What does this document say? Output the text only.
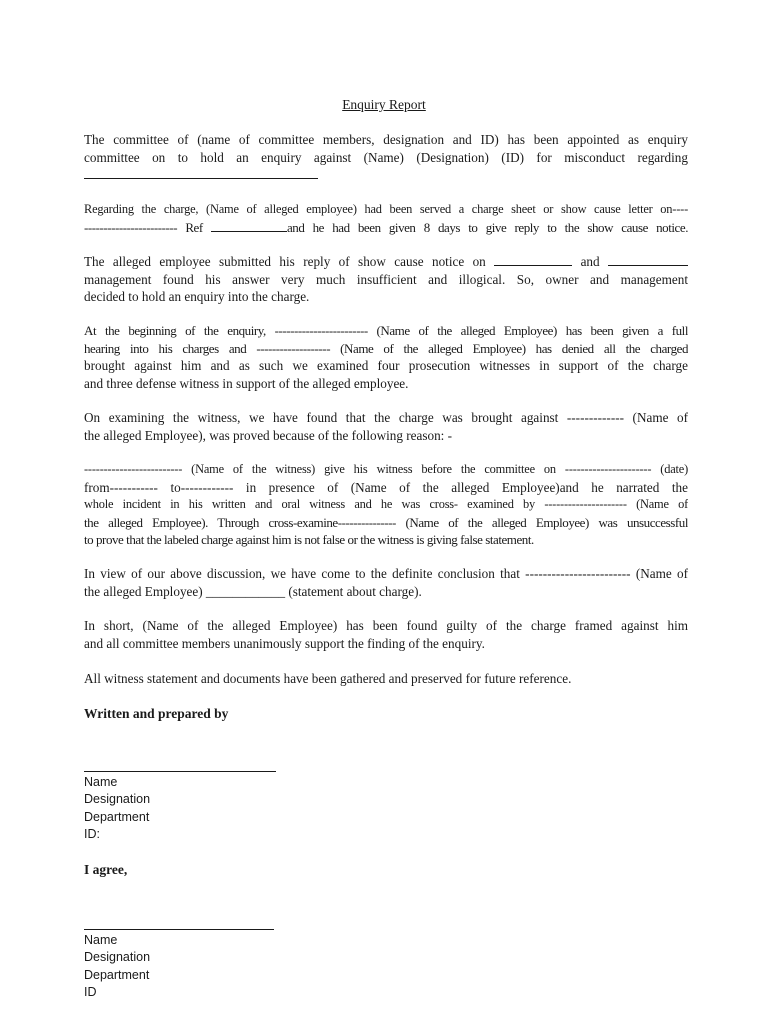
Enquiry Report

The committee of (name of committee members, designation and ID) has been appointed as enquiry
committee on to hold an enquiry against (Name) (Designation) (ID) for misconduct regarding

Regarding the charge, (Name of alleged employee) had been served a charge sheet or show cause letter on----
------------------------ Ref	and he had been given 8 days to give reply to the show cause notice.

The alleged employee submitted his reply of show cause notice on	and
management found his answer very much insufficient and illogical. So, owner and management
decided to hold an enquiry into the charge.

At the beginning of the enquiry, ------------------------ (Name of the alleged Employee) has been given a full
hearing into his charges and ------------------- (Name of the alleged Employee) has denied all the charged
brought against him and as such we examined four prosecution witnesses in support of the charge
and three defense witness in support of the alleged employee.

On examining the witness, we have found that the charge was brought against ------------- (Name of
the alleged Employee), was proved because of the following reason: -

------------------------- (Name of the witness) give his witness before the committee on ---------------------- (date)
from----------- to------------ in presence of (Name of the alleged Employee)and he narrated the
whole incident in his written and oral witness and he was cross- examined by --------------------- (Name of
the alleged Employee). Through cross-examine--------------- (Name of the alleged Employee) was unsuccessful
to prove that the labeled charge against him is not false or the witness is giving false statement.

In view of our above discussion, we have come to the definite conclusion that ------------------------ (Name of
the alleged Employee) ____________ (statement about charge).

In short, (Name of the alleged Employee) has been found guilty of the charge framed against him
and all committee members unanimously support the finding of the enquiry.

All witness statement and documents have been gathered and preserved for future reference.

Written and prepared by
Name
Designation
Department
ID:
I agree,
Name
Designation
Department
ID
